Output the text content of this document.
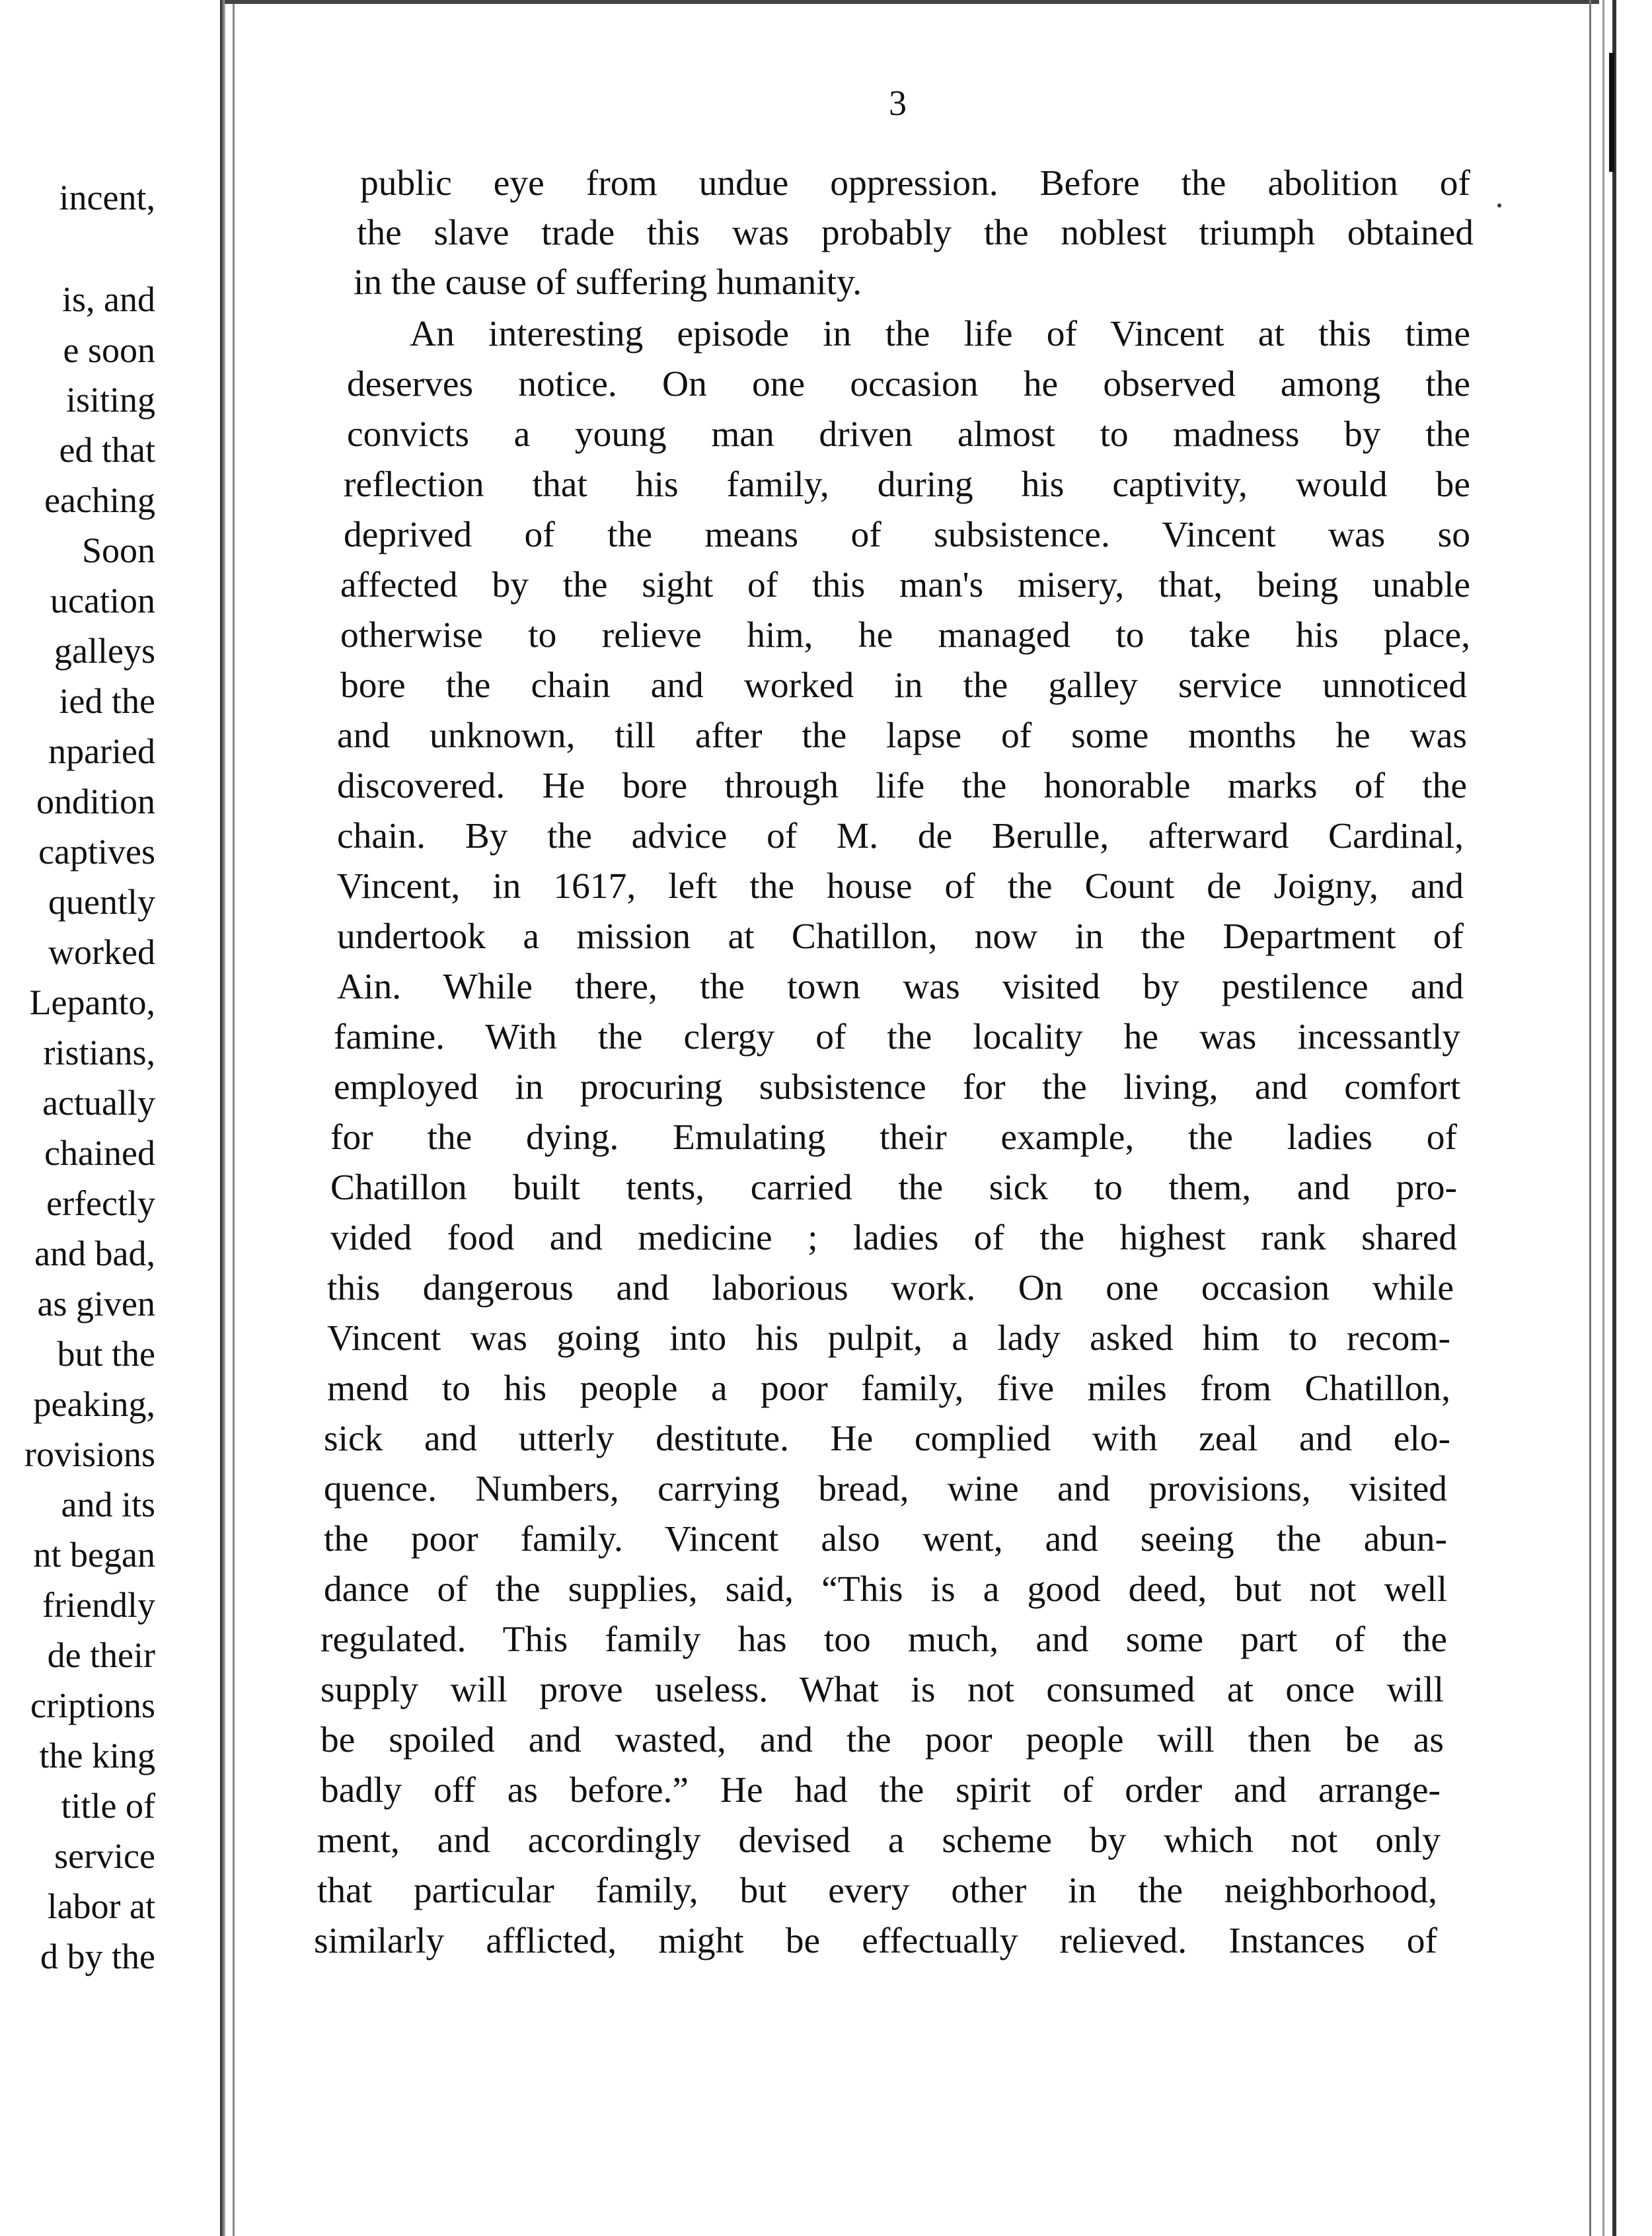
incent,
is, and
e soon
isiting
ed that
eaching
Soon
ucation
galleys
ied the
nparied
ondition
captives
quently
worked
Lepanto,
ristians,
actually
chained
erfectly
and bad,
as given
but the
peaking,
rovisions
and its
nt began
friendly
de their
criptions
the king
title of
service
labor at
d by the
3
public eye from undue oppression. Before the abolition of
the slave trade this was probably the noblest triumph obtained
in the cause of suffering humanity.
An interesting episode in the life of Vincent at this time
deserves notice. On one occasion he observed among the
convicts a young man driven almost to madness by the
reflection that his family, during his captivity, would be
deprived of the means of subsistence. Vincent was so
affected by the sight of this man's misery, that, being unable
otherwise to relieve him, he managed to take his place,
bore the chain and worked in the galley service unnoticed
and unknown, till after the lapse of some months he was
discovered. He bore through life the honorable marks of the
chain. By the advice of M. de Berulle, afterward Cardinal,
Vincent, in 1617, left the house of the Count de Joigny, and
undertook a mission at Chatillon, now in the Department of
Ain. While there, the town was visited by pestilence and
famine. With the clergy of the locality he was incessantly
employed in procuring subsistence for the living, and comfort
for the dying. Emulating their example, the ladies of
Chatillon built tents, carried the sick to them, and pro-
vided food and medicine ; ladies of the highest rank shared
this dangerous and laborious work. On one occasion while
Vincent was going into his pulpit, a lady asked him to recom-
mend to his people a poor family, five miles from Chatillon,
sick and utterly destitute. He complied with zeal and elo-
quence. Numbers, carrying bread, wine and provisions, visited
the poor family. Vincent also went, and seeing the abun-
dance of the supplies, said, “This is a good deed, but not well
regulated. This family has too much, and some part of the
supply will prove useless. What is not consumed at once will
be spoiled and wasted, and the poor people will then be as
badly off as before.” He had the spirit of order and arrange-
ment, and accordingly devised a scheme by which not only
that particular family, but every other in the neighborhood,
similarly afflicted, might be effectually relieved. Instances of
